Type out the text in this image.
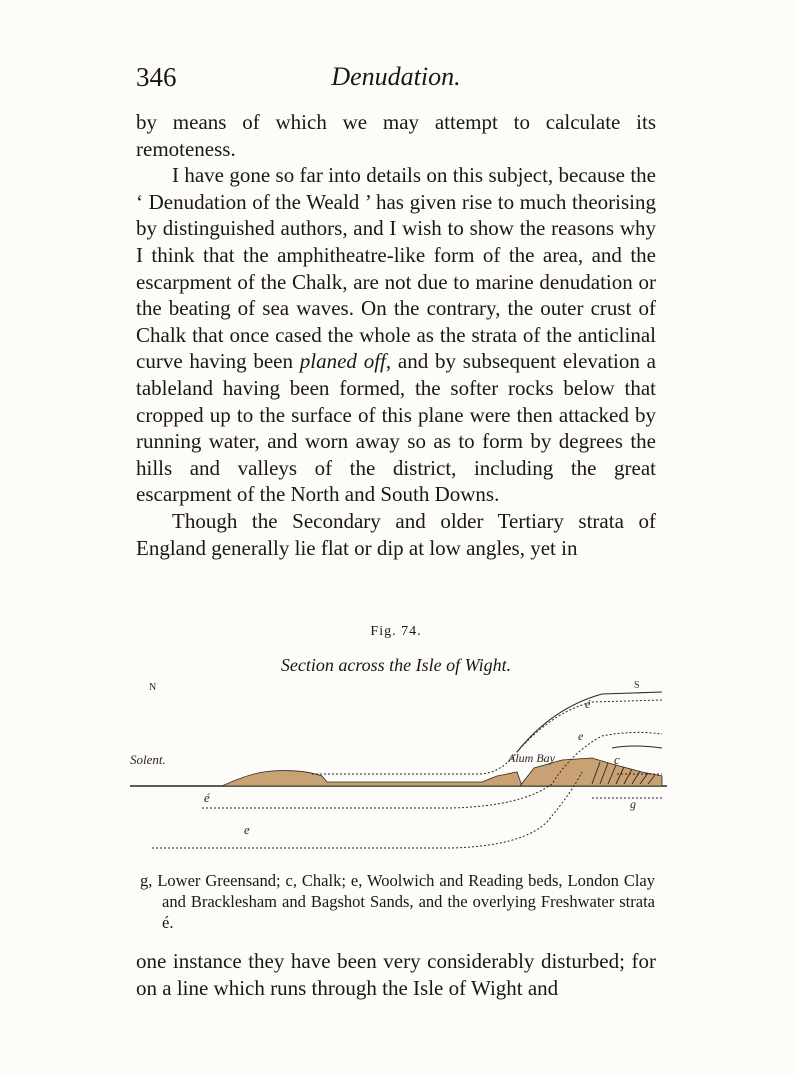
346	Denudation.

by means of which we may attempt to calculate its remoteness.

I have gone so far into details on this subject, because the ‘ Denudation of the Weald ’ has given rise to much theorising by distinguished authors, and I wish to show the reasons why I think that the amphitheatre-like form of the area, and the escarpment of the Chalk, are not due to marine denudation or the beating of sea waves. On the contrary, the outer crust of Chalk that once cased the whole as the strata of the anticlinal curve having been planed off, and by subsequent elevation a tableland having been formed, the softer rocks below that cropped up to the surface of this plane were then attacked by running water, and worn away so as to form by degrees the hills and valleys of the district, including the great escarpment of the North and South Downs.

Though the Secondary and older Tertiary strata of England generally lie flat or dip at low angles, yet in

Fig. 74.
Section across the Isle of Wight.
N	S
Solent.	Alum Bay	c
e
e
é
é	g

g, Lower Greensand; c, Chalk; e, Woolwich and Reading beds, London Clay and Bracklesham and Bagshot Sands, and the overlying Freshwater strata é.

one instance they have been very considerably disturbed; for on a line which runs through the Isle of Wight and
